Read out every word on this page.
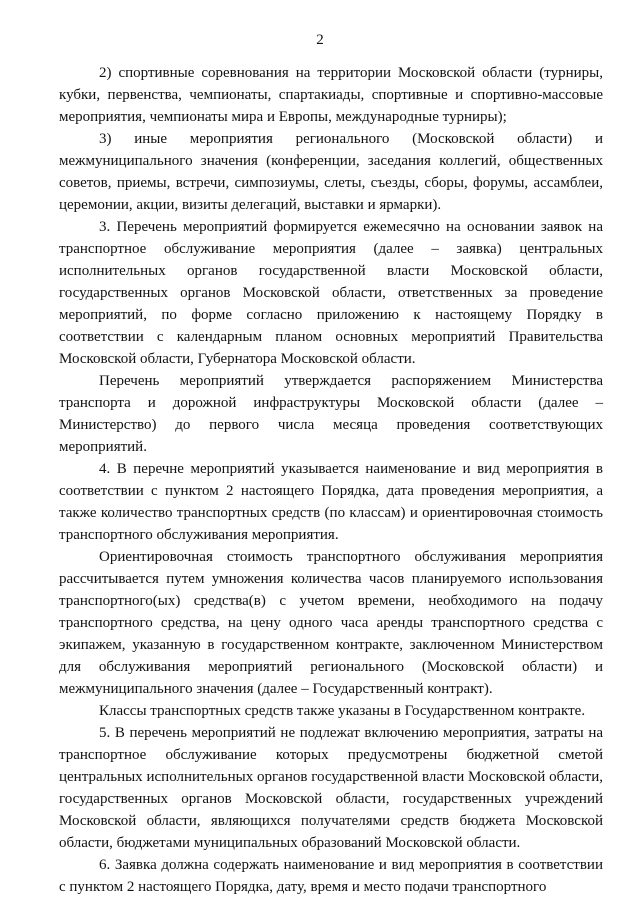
2

2) спортивные соревнования на территории Московской области (турниры, кубки, первенства, чемпионаты, спартакиады, спортивные и спортивно-массовые мероприятия, чемпионаты мира и Европы, международные турниры);

3) иные мероприятия регионального (Московской области) и межмуниципального значения (конференции, заседания коллегий, общественных советов, приемы, встречи, симпозиумы, слеты, съезды, сборы, форумы, ассамблеи, церемонии, акции, визиты делегаций, выставки и ярмарки).

3. Перечень мероприятий формируется ежемесячно на основании заявок на транспортное обслуживание мероприятия (далее – заявка) центральных исполнительных органов государственной власти Московской области, государственных органов Московской области, ответственных за проведение мероприятий, по форме согласно приложению к настоящему Порядку в соответствии с календарным планом основных мероприятий Правительства Московской области, Губернатора Московской области.

Перечень мероприятий утверждается распоряжением Министерства транспорта и дорожной инфраструктуры Московской области (далее – Министерство) до первого числа месяца проведения соответствующих мероприятий.

4. В перечне мероприятий указывается наименование и вид мероприятия в соответствии с пунктом 2 настоящего Порядка, дата проведения мероприятия, а также количество транспортных средств (по классам) и ориентировочная стоимость транспортного обслуживания мероприятия.

Ориентировочная стоимость транспортного обслуживания мероприятия рассчитывается путем умножения количества часов планируемого использования транспортного(ых) средства(в) с учетом времени, необходимого на подачу транспортного средства, на цену одного часа аренды транспортного средства с экипажем, указанную в государственном контракте, заключенном Министерством для обслуживания мероприятий регионального (Московской области) и межмуниципального значения (далее – Государственный контракт).

Классы транспортных средств также указаны в Государственном контракте.

5. В перечень мероприятий не подлежат включению мероприятия, затраты на транспортное обслуживание которых предусмотрены бюджетной сметой центральных исполнительных органов государственной власти Московской области, государственных органов Московской области, государственных учреждений Московской области, являющихся получателями средств бюджета Московской области, бюджетами муниципальных образований Московской области.

6. Заявка должна содержать наименование и вид мероприятия в соответствии с пунктом 2 настоящего Порядка, дату, время и место подачи транспортного
